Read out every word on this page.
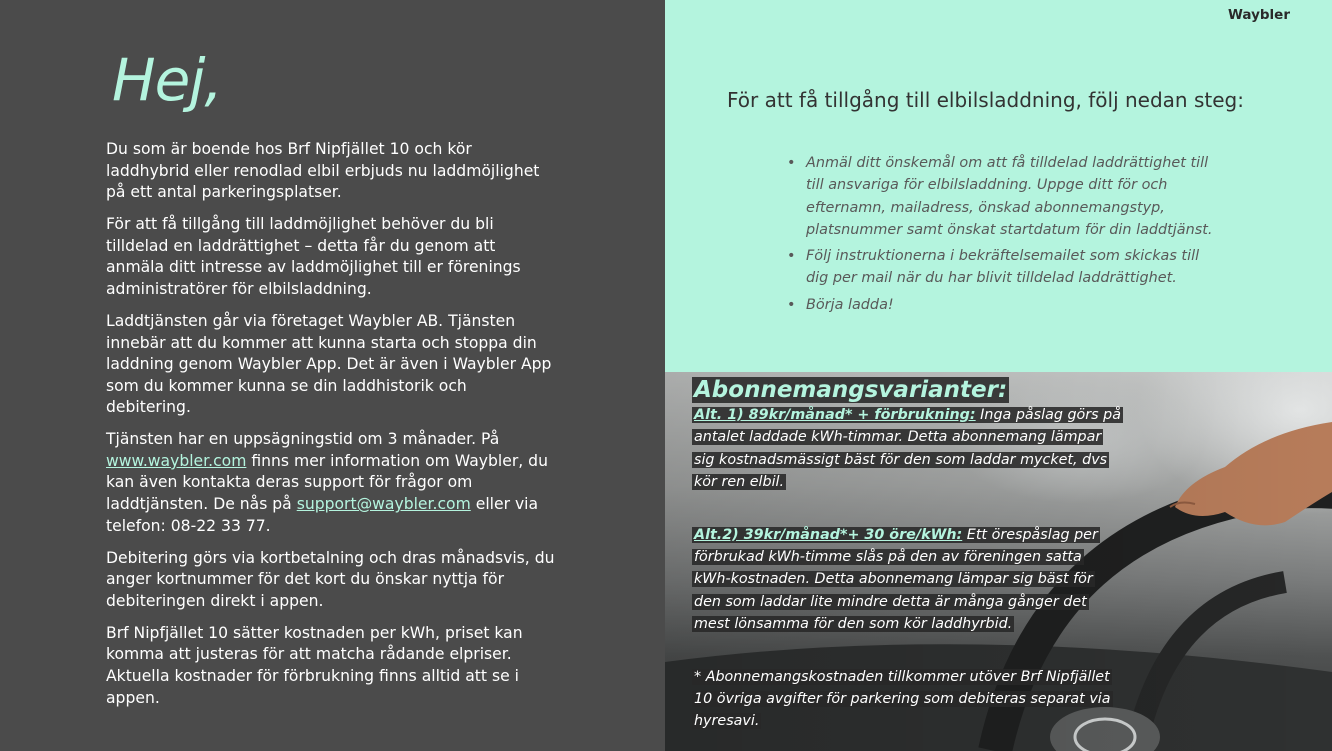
Hej,

Du som är boende hos Brf Nipfjället 10 och kör laddhybrid eller renodlad elbil erbjuds nu laddmöjlighet på ett antal parkeringsplatser.

För att få tillgång till laddmöjlighet behöver du bli tilldelad en laddrättighet – detta får du genom att anmäla ditt intresse av laddmöjlighet till er förenings administratörer för elbilsladdning.

Laddtjänsten går via företaget Waybler AB. Tjänsten innebär att du kommer att kunna starta och stoppa din laddning genom Waybler App. Det är även i Waybler App som du kommer kunna se din laddhistorik och debitering.

Tjänsten har en uppsägningstid om 3 månader. På www.waybler.com finns mer information om Waybler, du kan även kontakta deras support för frågor om laddtjänsten. De nås på support@waybler.com eller via telefon: 08-22 33 77.

Debitering görs via kortbetalning och dras månadsvis, du anger kortnummer för det kort du önskar nyttja för debiteringen direkt i appen.

Brf Nipfjället 10 sätter kostnaden per kWh, priset kan komma att justeras för att matcha rådande elpriser. Aktuella kostnader för förbrukning finns alltid att se i appen.

Waybler
För att få tillgång till elbilsladdning, följ nedan steg:
• Anmäl ditt önskemål om att få tilldelad laddrättighet till till ansvariga för elbilsladdning. Uppge ditt för och efternamn, mailadress, önskad abonnemangstyp, platsnummer samt önskat startdatum för din laddtjänst.
• Följ instruktionerna i bekräftelsemailet som skickas till dig per mail när du har blivit tilldelad laddrättighet.
• Börja ladda!
Abonnemangsvarianter:
Alt. 1) 89kr/månad* + förbrukning: Inga påslag görs på antalet laddade kWh-timmar. Detta abonnemang lämpar sig kostnadsmässigt bäst för den som laddar mycket, dvs kör ren elbil.
Alt.2) 39kr/månad*+ 30 öre/kWh: Ett örespåslag per förbrukad kWh-timme slås på den av föreningen satta kWh-kostnaden. Detta abonnemang lämpar sig bäst för den som laddar lite mindre detta är många gånger det mest lönsamma för den som kör laddhyrbid.
* Abonnemangskostnaden tillkommer utöver Brf Nipfjället 10 övriga avgifter för parkering som debiteras separat via hyresavi.
